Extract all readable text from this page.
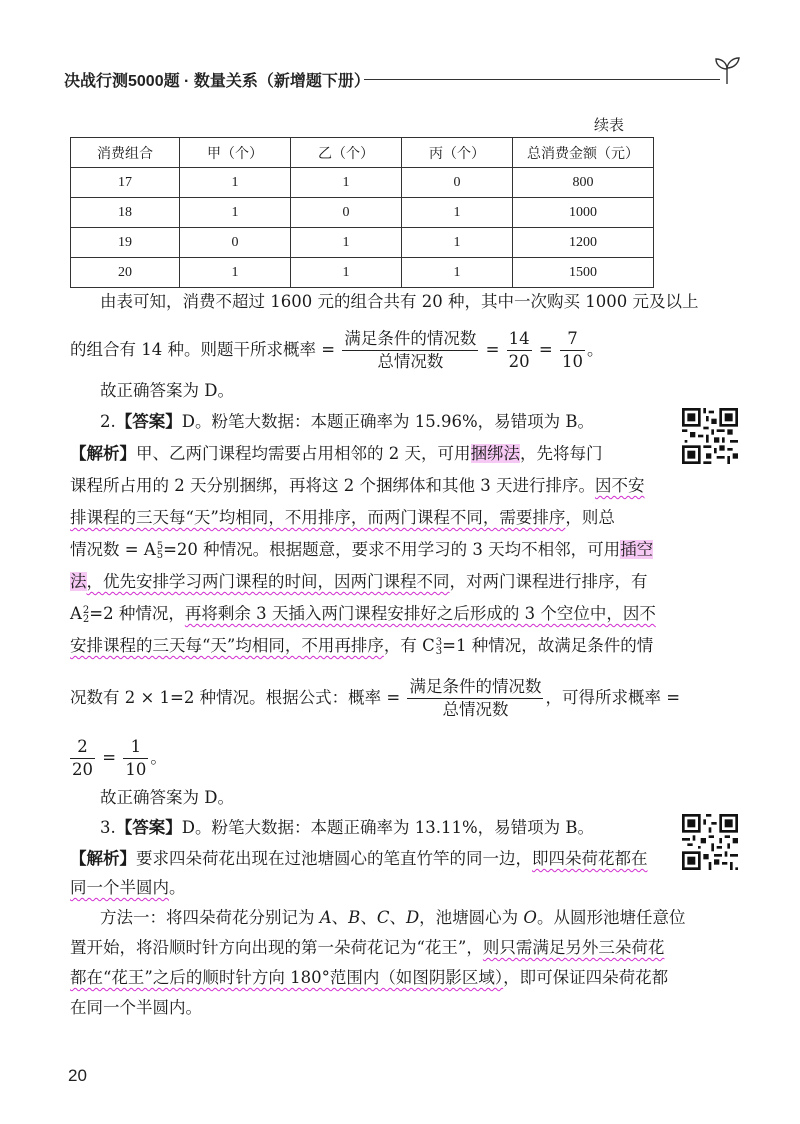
决战行测5000题 · 数量关系（新增题下册）
续表
消费组合	甲（个）	乙（个）	丙（个）	总消费金额（元）
17	1	1	0	800
18	1	0	1	1000
19	0	1	1	1200
20	1	1	1	1500
由表可知，消费不超过 1600 元的组合共有 20 种，其中一次购买 1000 元及以上
的组合有 14 种。则题干所求概率 = $\frac{\text{满足条件的情况数}}{\text{总情况数}} = \frac{14}{20} = \frac{7}{10}$ 。
故正确答案为 D。
2.【答案】D。粉笔大数据：本题正确率为 15.96%，易错项为 B。
【解析】甲、乙两门课程均需要占用相邻的 2 天，可用捆绑法，先将每门
课程所占用的 2 天分别捆绑，再将这 2 个捆绑体和其他 3 天进行排序。因不安
排课程的三天每“天”均相同，不用排序，而两门课程不同，需要排序，则总
情况数 = A 5
5 =20 种情况。根据题意，要求不用学习的 3 天均不相邻，可用插空
法，优先安排学习两门课程的时间，因两门课程不同，对两门课程进行排序，有
A 2
2 =2 种情况，再将剩余 3 天插入两门课程安排好之后形成的 3 个空位中，因不
安排课程的三天每“天”均相同，不用再排序，有 C 3
3 =1 种情况，故满足条件的情
况数有 2 × 1=2 种情况。根据公式：概率 = $\frac{\text{满足条件的情况数}}{\text{总情况数}}$ ，可得所求概率 =
$\frac{2}{20} = \frac{1}{10}$ 。
故正确答案为 D。
3.【答案】D。粉笔大数据：本题正确率为 13.11%，易错项为 B。
【解析】要求四朵荷花出现在过池塘圆心的笔直竹竿的同一边，即四朵荷花都在
同一个半圆内。
方法一：将四朵荷花分别记为 A、B、C、D，池塘圆心为 O。从圆形池塘任意位
置开始，将沿顺时针方向出现的第一朵荷花记为“花王”，则只需满足另外三朵荷花
都在“花王”之后的顺时针方向 180°范围内（如图阴影区域），即可保证四朵荷花都
在同一个半圆内。
20
